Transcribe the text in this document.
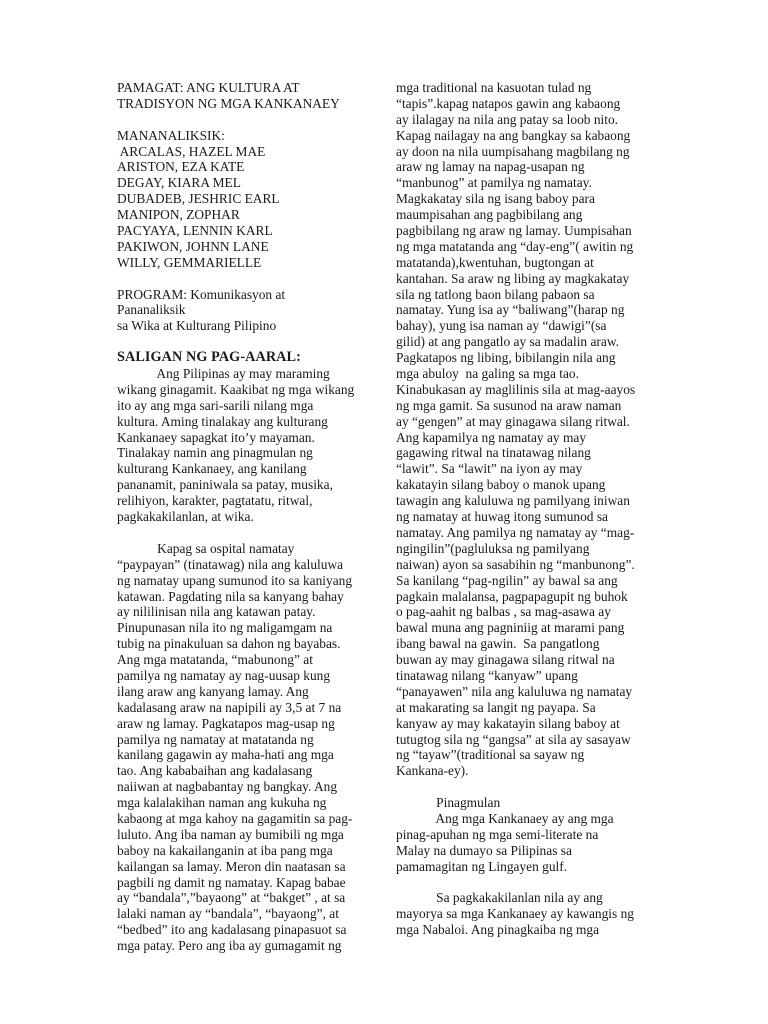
PAMAGAT: ANG KULTURA AT
TRADISYON NG MGA KANKANAEY
MANANALIKSIK:
ARCALAS, HAZEL MAE
ARISTON, EZA KATE
DEGAY, KIARA MEL
DUBADEB, JESHRIC EARL
MANIPON, ZOPHAR
PACYAYA, LENNIN KARL
PAKIWON, JOHNN LANE
WILLY, GEMMARIELLE
PROGRAM: Komunikasyon at
Pananaliksik
sa Wika at Kulturang Pilipino
SALIGAN NG PAG-AARAL:
Ang Pilipinas ay may maraming
wikang ginagamit. Kaakibat ng mga wikang
ito ay ang mga sari-sarili nilang mga
kultura. Aming tinalakay ang kulturang
Kankanaey sapagkat ito’y mayaman.
Tinalakay namin ang pinagmulan ng
kulturang Kankanaey, ang kanilang
pananamit, paniniwala sa patay, musika,
relihiyon, karakter, pagtatatu, ritwal,
pagkakakilanlan, at wika.
Kapag sa ospital namatay
“paypayan” (tinatawag) nila ang kaluluwa
ng namatay upang sumunod ito sa kaniyang
katawan. Pagdating nila sa kanyang bahay
ay nililinisan nila ang katawan patay.
Pinupunasan nila ito ng maligamgam na
tubig na pinakuluan sa dahon ng bayabas.
Ang mga matatanda, “mabunong” at
pamilya ng namatay ay nag-uusap kung
ilang araw ang kanyang lamay. Ang
kadalasang araw na napipili ay 3,5 at 7 na
araw ng lamay. Pagkatapos mag-usap ng
pamilya ng namatay at matatanda ng
kanilang gagawin ay maha-hati ang mga
tao. Ang kababaihan ang kadalasang
naiiwan at nagbabantay ng bangkay. Ang
mga kalalakihan naman ang kukuha ng
kabaong at mga kahoy na gagamitin sa pag-
luluto. Ang iba naman ay bumibili ng mga
baboy na kakailanganin at iba pang mga
kailangan sa lamay. Meron din naatasan sa
pagbili ng damit ng namatay. Kapag babae
ay “bandala”,”bayaong” at “bakget” , at sa
lalaki naman ay “bandala”, “bayaong”, at
“bedbed” ito ang kadalasang pinapasuot sa
mga patay. Pero ang iba ay gumagamit ng
mga traditional na kasuotan tulad ng
“tapis”.kapag natapos gawin ang kabaong
ay ilalagay na nila ang patay sa loob nito.
Kapag nailagay na ang bangkay sa kabaong
ay doon na nila uumpisahang magbilang ng
araw ng lamay na napag-usapan ng
“manbunog” at pamilya ng namatay.
Magkakatay sila ng isang baboy para
maumpisahan ang pagbibilang ang
pagbibilang ng araw ng lamay. Uumpisahan
ng mga matatanda ang “day-eng”( awitin ng
matatanda),kwentuhan, bugtongan at
kantahan. Sa araw ng libing ay magkakatay
sila ng tatlong baon bilang pabaon sa
namatay. Yung isa ay “baliwang”(harap ng
bahay), yung isa naman ay “dawigi”(sa
gilid) at ang pangatlo ay sa madalin araw.
Pagkatapos ng libing, bibilangin nila ang
mga abuloy  na galing sa mga tao.
Kinabukasan ay maglilinis sila at mag-aayos
ng mga gamit. Sa susunod na araw naman
ay “gengen” at may ginagawa silang ritwal.
Ang kapamilya ng namatay ay may
gagawing ritwal na tinatawag nilang
“lawit”. Sa “lawit” na iyon ay may
kakatayin silang baboy o manok upang
tawagin ang kaluluwa ng pamilyang iniwan
ng namatay at huwag itong sumunod sa
namatay. Ang pamilya ng namatay ay “mag-
ngingilin”(pagluluksa ng pamilyang
naiwan) ayon sa sasabihin ng “manbunong”.
Sa kanilang “pag-ngilin” ay bawal sa ang
pagkain malalansa, pagpapagupit ng buhok
o pag-aahit ng balbas , sa mag-asawa ay
bawal muna ang pagniniig at marami pang
ibang bawal na gawin.  Sa pangatlong
buwan ay may ginagawa silang ritwal na
tinatawag nilang “kanyaw” upang
“panayawen” nila ang kaluluwa ng namatay
at makarating sa langit ng payapa. Sa
kanyaw ay may kakatayin silang baboy at
tutugtog sila ng “gangsa” at sila ay sasayaw
ng “tayaw”(traditional sa sayaw ng
Kankana-ey).
Pinagmulan
Ang mga Kankanaey ay ang mga
pinag-apuhan ng mga semi-literate na
Malay na dumayo sa Pilipinas sa
pamamagitan ng Lingayen gulf.
Sa pagkakakilanlan nila ay ang
mayorya sa mga Kankanaey ay kawangis ng
mga Nabaloi. Ang pinagkaiba ng mga
